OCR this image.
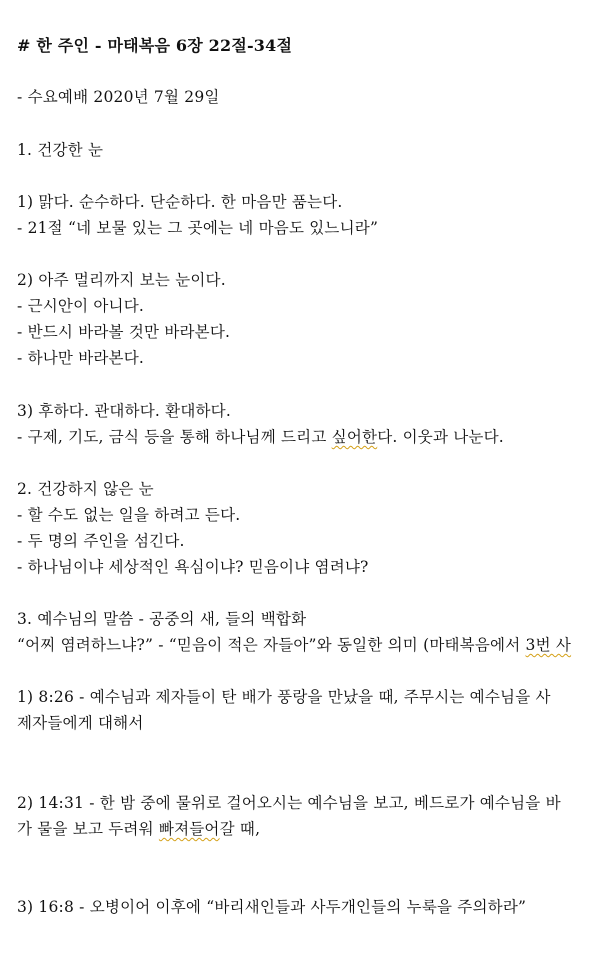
# 한 주인 - 마태복음 6장 22절-34절
- 수요예배 2020년 7월 29일
1. 건강한 눈
1) 맑다. 순수하다. 단순하다. 한 마음만 품는다.
- 21절 “네 보물 있는 그 곳에는 네 마음도 있느니라”
2) 아주 멀리까지 보는 눈이다.
- 근시안이 아니다.
- 반드시 바라볼 것만 바라본다.
- 하나만 바라본다.
3) 후하다. 관대하다. 환대하다.
- 구제, 기도, 금식 등을 통해 하나님께 드리고 싶어한다. 이웃과 나눈다.
2. 건강하지 않은 눈
- 할 수도 없는 일을 하려고 든다.
- 두 명의 주인을 섬긴다.
- 하나님이냐 세상적인 욕심이냐? 믿음이냐 염려냐?
3. 예수님의 말씀 - 공중의 새, 들의 백합화
“어찌 염려하느냐?” - “믿음이 적은 자들아”와 동일한 의미 (마태복음에서 3번 사
1) 8:26 - 예수님과 제자들이 탄 배가 풍랑을 만났을 때, 주무시는 예수님을 사
제자들에게 대해서
2) 14:31 - 한 밤 중에 물위로 걸어오시는 예수님을 보고, 베드로가 예수님을 바
가 물을 보고 두려워 빠져들어갈 때,
3) 16:8 - 오병이어 이후에 “바리새인들과 사두개인들의 누룩을 주의하라”
